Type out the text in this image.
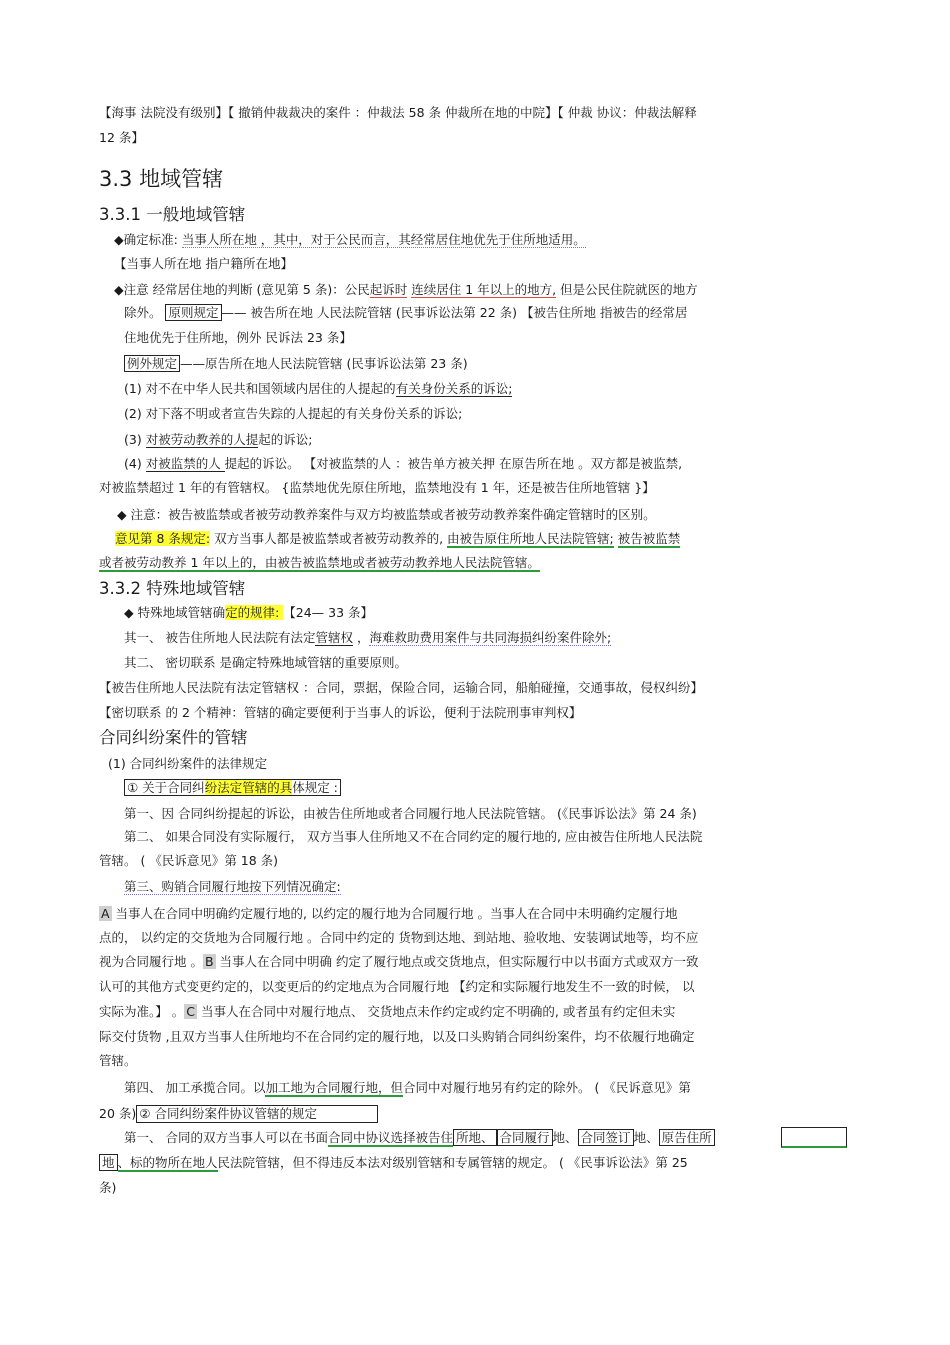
【海事 法院没有级别】【 撤销仲裁裁决的案件 ：仲裁法 58 条 仲裁所在地的中院】【 仲裁 协议：仲裁法解释
12 条】
3.3 地域管辖
3.3.1 一般地域管辖
◆确定标准: 当事人所在地 ，其中，对于公民而言，其经常居住地优先于住所地适用。
【当事人所在地 指户籍所在地】
◆注意 经常居住地的判断 (意见第 5 条)：公民起诉时 连续居住 1 年以上的地方, 但是公民住院就医的地方
除外。 原则规定 —— 被告所在地 人民法院管辖 (民事诉讼法第 22 条) 【被告住所地 指被告的经常居
住地优先于住所地，例外 民诉法 23 条】
例外规定 ——原告所在地人民法院管辖 (民事诉讼法第 23 条)
(1) 对不在中华人民共和国领域内居住的人提起的有关身份关系的诉讼;
(2) 对下落不明或者宣告失踪的人提起的有关身份关系的诉讼;
(3) 对被劳动教养的人提起的诉讼;
(4) 对被监禁的人 提起的诉讼。 【对被监禁的人 ：被告单方被关押 在原告所在地 。双方都是被监禁,
对被监禁超过 1 年的有管辖权。 {监禁地优先原住所地，监禁地没有 1 年，还是被告住所地管辖 }】
◆ 注意：被告被监禁或者被劳动教养案件与双方均被监禁或者被劳动教养案件确定管辖时的区别。
意见第 8 条规定: 双方当事人都是被监禁或者被劳动教养的, 由被告原住所地人民法院管辖; 被告被监禁
或者被劳动教养 1 年以上的，由被告被监禁地或者被劳动教养地人民法院管辖。
3.3.2 特殊地域管辖
◆ 特殊地域管辖确定的规律: 【24— 33 条】
其一、 被告住所地人民法院有法定管辖权 ，海难救助费用案件与共同海损纠纷案件除外;
其二、 密切联系 是确定特殊地域管辖的重要原则。
【被告住所地人民法院有法定管辖权 ：合同，票据，保险合同，运输合同，船舶碰撞，交通事故，侵权纠纷】
【密切联系 的 2 个精神：管辖的确定要便利于当事人的诉讼，便利于法院刑事审判权】
合同纠纷案件的管辖
(1) 合同纠纷案件的法律规定
① 关于合同纠纷法定管辖的具体规定 :
第一、因 合同纠纷提起的诉讼，由被告住所地或者合同履行地人民法院管辖。 (《民事诉讼法》第 24 条)
第二、 如果合同没有实际履行， 双方当事人住所地又不在合同约定的履行地的, 应由被告住所地人民法院
管辖。 ( 《民诉意见》第 18 条)
第三、购销合同履行地按下列情况确定:
A 当事人在合同中明确约定履行地的, 以约定的履行地为合同履行地 。当事人在合同中未明确约定履行地
点的， 以约定的交货地为合同履行地 。合同中约定的 货物到达地、到站地、验收地、安装调试地等，均不应
视为合同履行地 。 B 当事人在合同中明确 约定了履行地点或交货地点，但实际履行中以书面方式或双方一致
认可的其他方式变更约定的，以变更后的约定地点为合同履行地 【约定和实际履行地发生不一致的时候， 以
实际为准。】 。 C 当事人在合同中对履行地点、 交货地点未作约定或约定不明确的, 或者虽有约定但未实
际交付货物 ,且双方当事人住所地均不在合同约定的履行地，以及口头购销合同纠纷案件，均不依履行地确定
管辖。
第四、 加工承揽合同。以加工地为合同履行地，但合同中对履行地另有约定的除外。 ( 《民诉意见》第
20 条) ② 合同纠纷案件协议管辖的规定
第一、 合同的双方当事人可以在书面合同中协议选择被告住 所地、 合同履行 地、 合同签订 地、 原告住所
地 、标的物所在地人民法院管辖，但不得违反本法对级别管辖和专属管辖的规定。 ( 《民事诉讼法》第 25
条)
